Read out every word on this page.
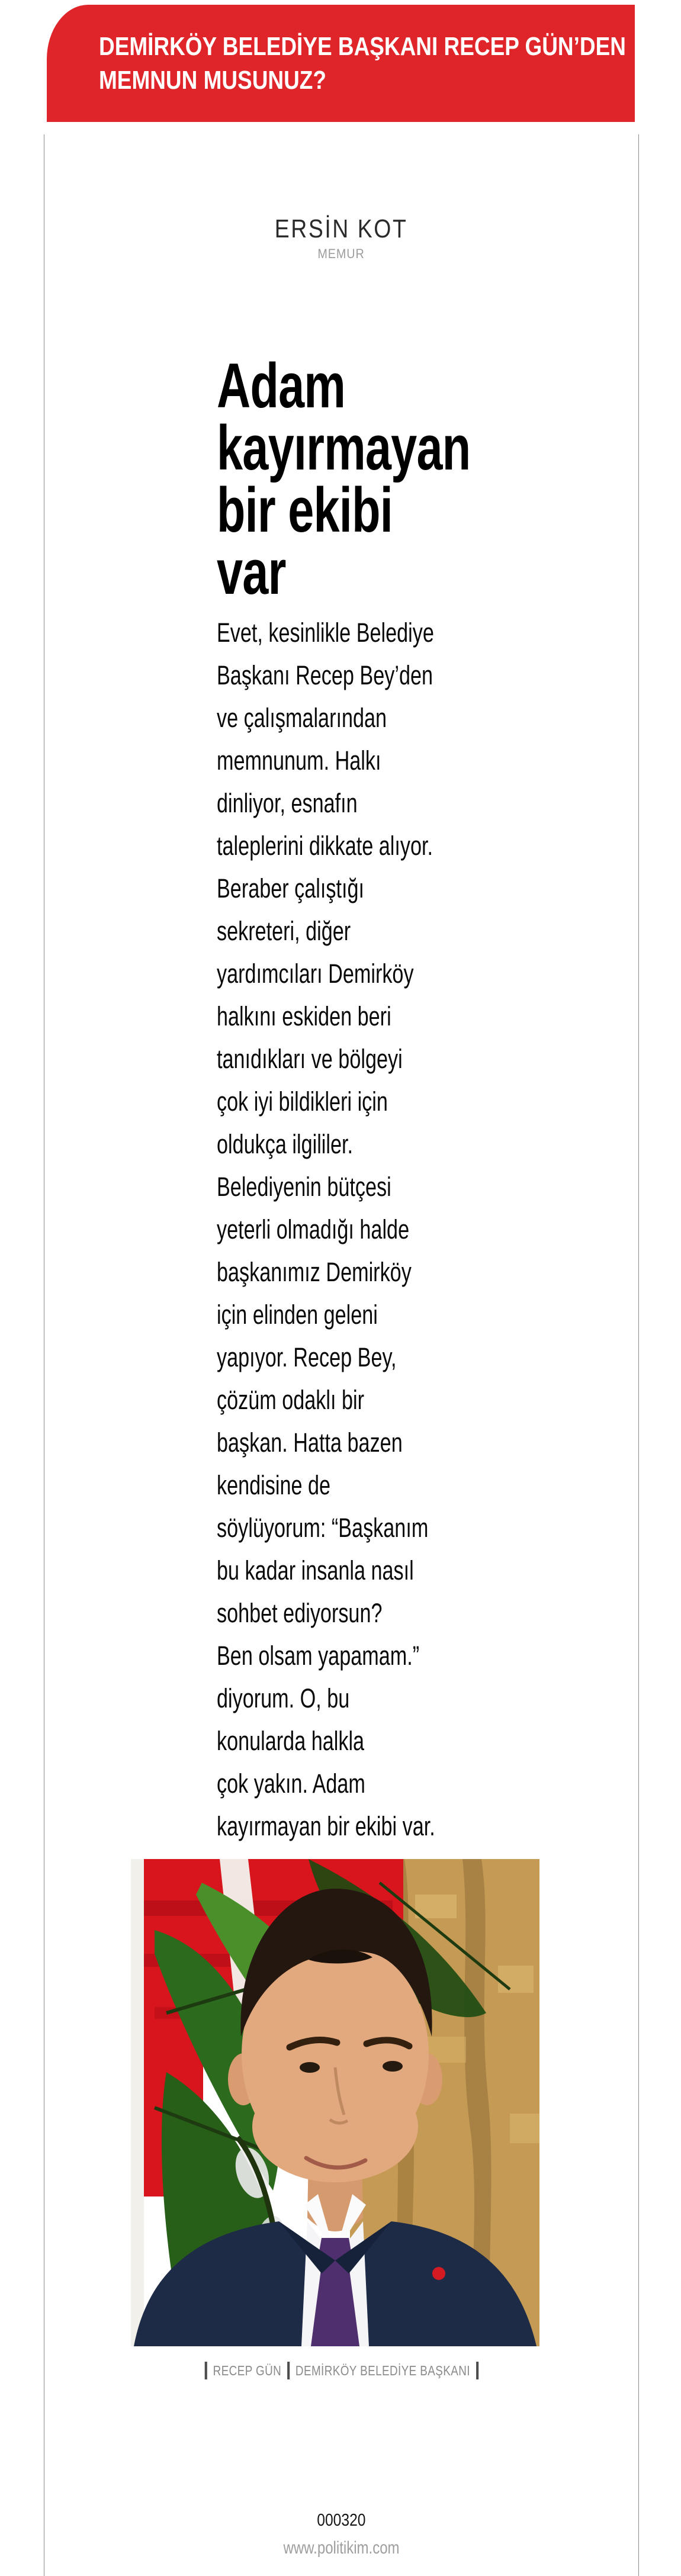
DEMİRKÖY BELEDİYE BAŞKANI RECEP GÜN’DEN
MEMNUN MUSUNUZ?
ERSİN KOT
MEMUR
Adam
kayırmayan
bir ekibi
var
Evet, kesinlikle Belediye
Başkanı Recep Bey’den
ve çalışmalarından
memnunum. Halkı
dinliyor, esnafın
taleplerini dikkate alıyor.
Beraber çalıştığı
sekreteri, diğer
yardımcıları Demirköy
halkını eskiden beri
tanıdıkları ve bölgeyi
çok iyi bildikleri için
oldukça ilgililer.
Belediyenin bütçesi
yeterli olmadığı halde
başkanımız Demirköy
için elinden geleni
yapıyor. Recep Bey,
çözüm odaklı bir
başkan. Hatta bazen
kendisine de
söylüyorum: “Başkanım
bu kadar insanla nasıl
sohbet ediyorsun?
Ben olsam yapamam.”
diyorum. O, bu
konularda halkla
çok yakın. Adam
kayırmayan bir ekibi var.
RECEP GÜN DEMİRKÖY BELEDİYE BAŞKANI
000320
www.politikim.com
